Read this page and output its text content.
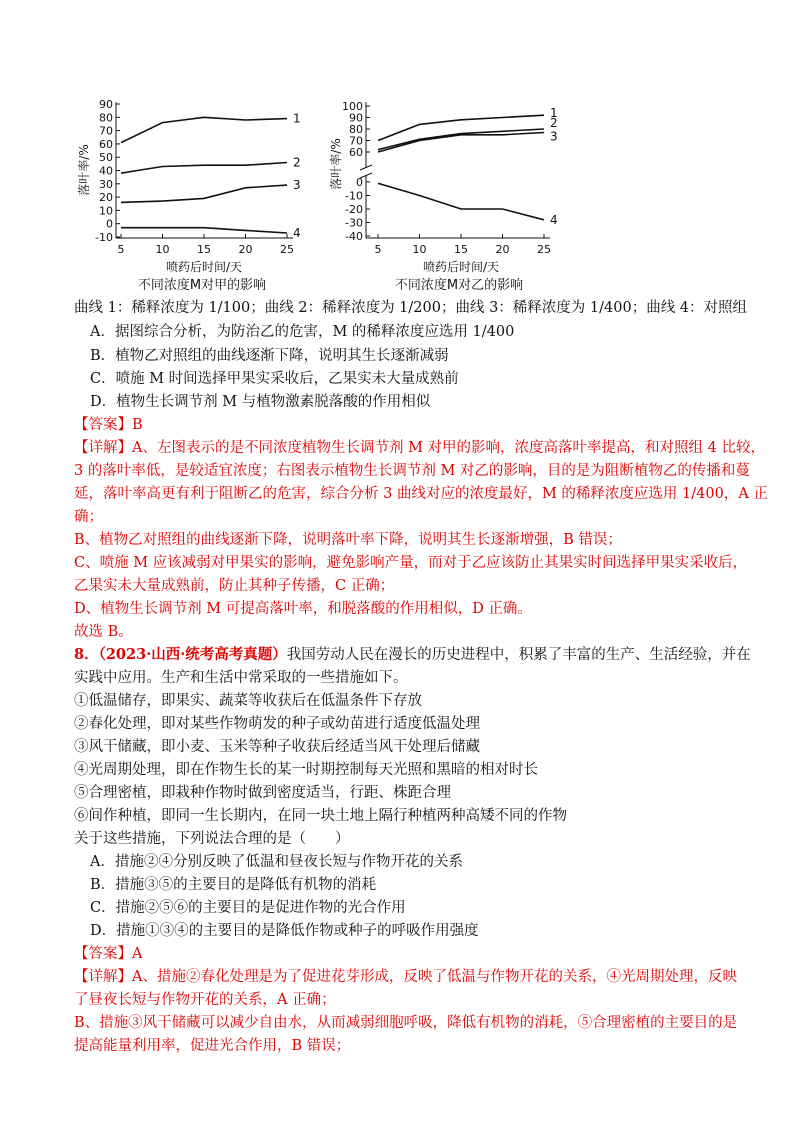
90
80
70
60
50
40
30
20
10
0
-10
5	10	15	20	25
1
2
3
4
落叶率/%
喷药后时间/天
不同浓度M对甲的影响
100
90
80
70
60
0
-10
-20
-30
-40
5	10	15	20	25
1
2
3
4
落叶率/%
喷药后时间/天
不同浓度M对乙的影响
曲线 1：稀释浓度为 1/100；曲线 2：稀释浓度为 1/200；曲线 3：稀释浓度为 1/400；曲线 4：对照组
A．据图综合分析，为防治乙的危害，M 的稀释浓度应选用 1/400
B．植物乙对照组的曲线逐渐下降，说明其生长逐渐减弱
C．喷施 M 时间选择甲果实采收后，乙果实未大量成熟前
D．植物生长调节剂 M 与植物激素脱落酸的作用相似
【答案】B
【详解】A、左图表示的是不同浓度植物生长调节剂 M 对甲的影响，浓度高落叶率提高，和对照组 4 比较，
3 的落叶率低，是较适宜浓度；右图表示植物生长调节剂 M 对乙的影响，目的是为阻断植物乙的传播和蔓
延，落叶率高更有利于阻断乙的危害，综合分析 3 曲线对应的浓度最好，M 的稀释浓度应选用 1/400，A 正
确；
B、植物乙对照组的曲线逐渐下降，说明落叶率下降，说明其生长逐渐增强，B 错误；
C、喷施 M 应该减弱对甲果实的影响，避免影响产量，而对于乙应该防止其果实时间选择甲果实采收后，
乙果实未大量成熟前，防止其种子传播，C 正确；
D、植物生长调节剂 M 可提高落叶率，和脱落酸的作用相似，D 正确。
故选 B。
8．（2023·山西·统考高考真题）我国劳动人民在漫长的历史进程中，积累了丰富的生产、生活经验，并在
实践中应用。生产和生活中常采取的一些措施如下。
①低温储存，即果实、蔬菜等收获后在低温条件下存放
②春化处理，即对某些作物萌发的种子或幼苗进行适度低温处理
③风干储藏，即小麦、玉米等种子收获后经适当风干处理后储藏
④光周期处理，即在作物生长的某一时期控制每天光照和黑暗的相对时长
⑤合理密植，即栽种作物时做到密度适当，行距、株距合理
⑥间作种植，即同一生长期内，在同一块土地上隔行种植两种高矮不同的作物
关于这些措施，下列说法合理的是（　　）
A．措施②④分别反映了低温和昼夜长短与作物开花的关系
B．措施③⑤的主要目的是降低有机物的消耗
C．措施②⑤⑥的主要目的是促进作物的光合作用
D．措施①③④的主要目的是降低作物或种子的呼吸作用强度
【答案】A
【详解】A、措施②春化处理是为了促进花芽形成，反映了低温与作物开花的关系，④光周期处理，反映
了昼夜长短与作物开花的关系，A 正确；
B、措施③风干储藏可以减少自由水，从而减弱细胞呼吸，降低有机物的消耗，⑤合理密植的主要目的是
提高能量利用率，促进光合作用，B 错误；
